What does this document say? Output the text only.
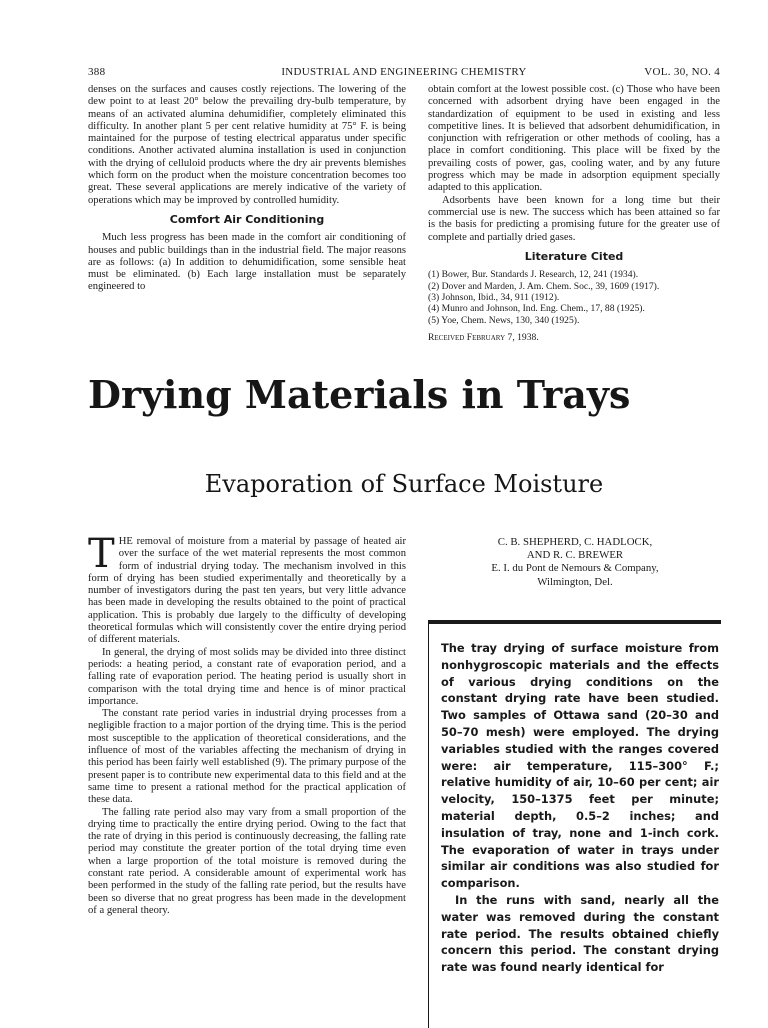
388	INDUSTRIAL AND ENGINEERING CHEMISTRY	VOL. 30, NO. 4

denses on the surfaces and causes costly rejections. The lowering of the dew point to at least 20° below the prevailing dry-bulb temperature, by means of an activated alumina dehumidifier, completely eliminated this difficulty. In another plant 5 per cent relative humidity at 75° F. is being maintained for the purpose of testing electrical apparatus under specific conditions. Another activated alumina installation is used in conjunction with the drying of celluloid products where the dry air prevents blemishes which form on the product when the moisture concentration becomes too great. These several applications are merely indicative of the variety of operations which may be improved by controlled humidity.

Comfort Air Conditioning

Much less progress has been made in the comfort air conditioning of houses and public buildings than in the industrial field. The major reasons are as follows: (a) In addition to dehumidification, some sensible heat must be eliminated. (b) Each large installation must be separately engineered to

obtain comfort at the lowest possible cost. (c) Those who have been concerned with adsorbent drying have been engaged in the standardization of equipment to be used in existing and less competitive lines. It is believed that adsorbent dehumidification, in conjunction with refrigeration or other methods of cooling, has a place in comfort conditioning. This place will be fixed by the prevailing costs of power, gas, cooling water, and by any future progress which may be made in adsorption equipment specially adapted to this application.

Adsorbents have been known for a long time but their commercial use is new. The success which has been attained so far is the basis for predicting a promising future for the greater use of complete and partially dried gases.

Literature Cited
(1) Bower, Bur. Standards J. Research, 12, 241 (1934).
(2) Dover and Marden, J. Am. Chem. Soc., 39, 1609 (1917).
(3) Johnson, Ibid., 34, 911 (1912).
(4) Munro and Johnson, Ind. Eng. Chem., 17, 88 (1925).
(5) Yoe, Chem. News, 130, 340 (1925).
Received February 7, 1938.
Drying Materials in Trays
Evaporation of Surface Moisture

THE removal of moisture from a material by passage of heated air over the surface of the wet material represents the most common form of industrial drying today. The mechanism involved in this form of drying has been studied experimentally and theoretically by a number of investigators during the past ten years, but very little advance has been made in developing the results obtained to the point of practical application. This is probably due largely to the difficulty of developing theoretical formulas which will consistently cover the entire drying period of different materials.

In general, the drying of most solids may be divided into three distinct periods: a heating period, a constant rate of evaporation period, and a falling rate of evaporation period. The heating period is usually short in comparison with the total drying time and hence is of minor practical importance.

The constant rate period varies in industrial drying processes from a negligible fraction to a major portion of the drying time. This is the period most susceptible to the application of theoretical considerations, and the influence of most of the variables affecting the mechanism of drying in this period has been fairly well established (9). The primary purpose of the present paper is to contribute new experimental data to this field and at the same time to present a rational method for the practical application of these data.

The falling rate period also may vary from a small proportion of the drying time to practically the entire drying period. Owing to the fact that the rate of drying in this period is continuously decreasing, the falling rate period may constitute the greater portion of the total drying time even when a large proportion of the total moisture is removed during the constant rate period. A considerable amount of experimental work has been performed in the study of the falling rate period, but the results have been so diverse that no great progress has been made in the development of a general theory.

C. B. SHEPHERD, C. HADLOCK,
AND R. C. BREWER
E. I. du Pont de Nemours & Company,
Wilmington, Del.

The tray drying of surface moisture from nonhygroscopic materials and the effects of various drying conditions on the constant drying rate have been studied. Two samples of Ottawa sand (20–30 and 50–70 mesh) were employed. The drying variables studied with the ranges covered were: air temperature, 115–300° F.; relative humidity of air, 10–60 per cent; air velocity, 150–1375 feet per minute; material depth, 0.5–2 inches; and insulation of tray, none and 1-inch cork. The evaporation of water in trays under similar air conditions was also studied for comparison.

In the runs with sand, nearly all the water was removed during the constant rate period. The results obtained chiefly concern this period. The constant drying rate was found nearly identical for
